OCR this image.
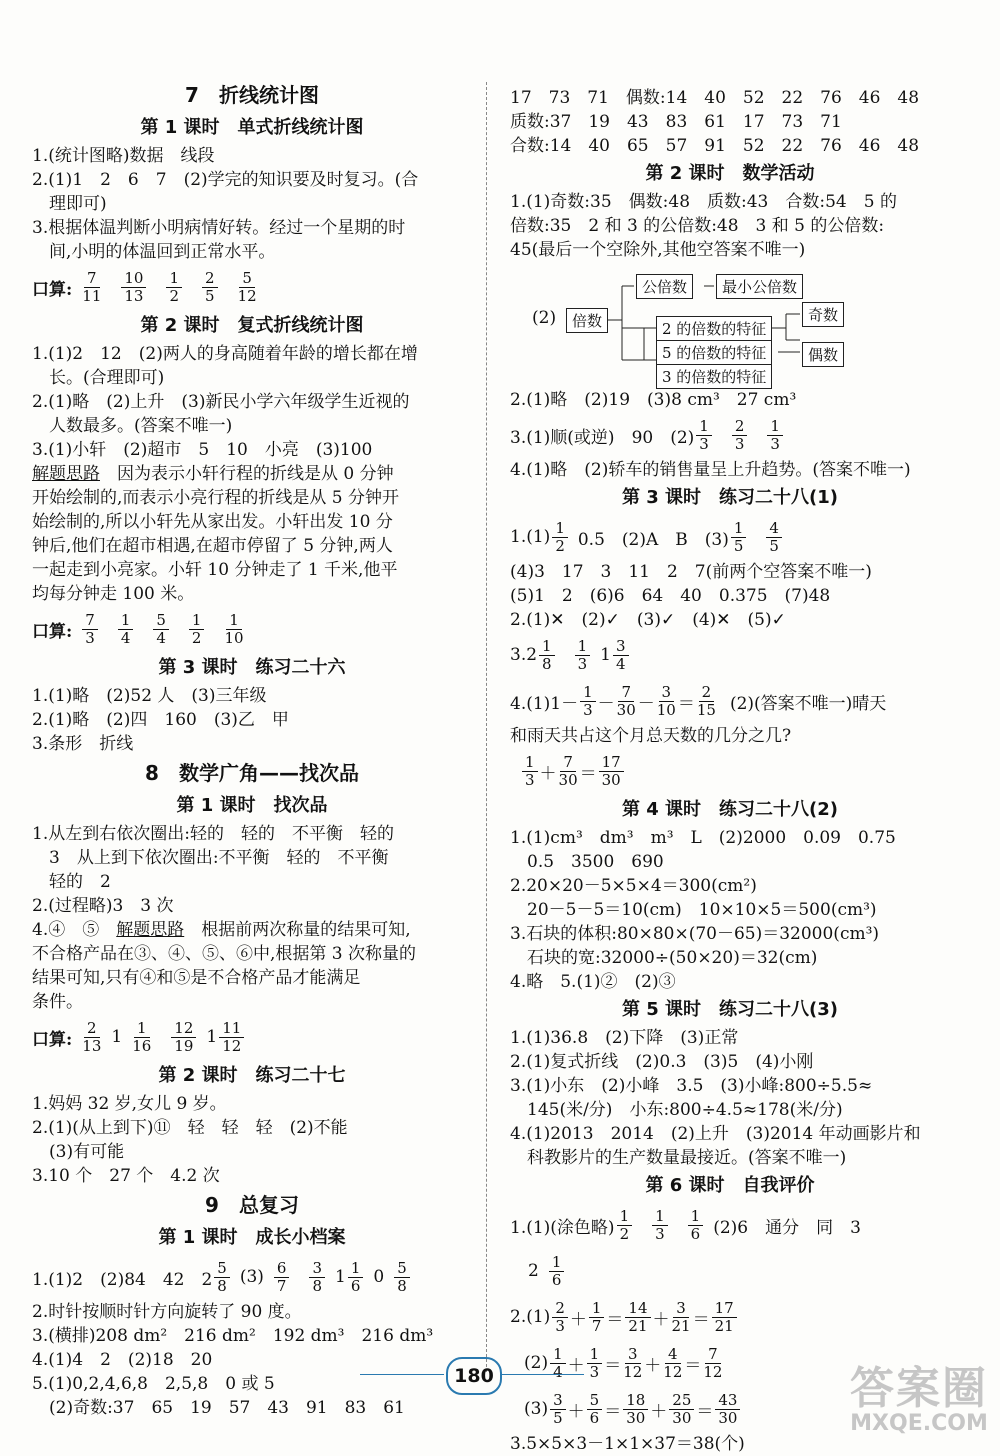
7　折线统计图
第 1 课时　单式折线统计图
1.(统计图略)数据　线段
2.(1)1　2　6　7　(2)学完的知识要及时复习。(合
　理即可)
3.根据体温判断小明病情好转。经过一个星期的时
　间,小明的体温回到正常水平。
口算:
7
11
10
13
1
2
2
5
5
12
第 2 课时　复式折线统计图
1.(1)2　12　(2)两人的身高随着年龄的增长都在增
　长。(合理即可)
2.(1)略　(2)上升　(3)新民小学六年级学生近视的
　人数最多。(答案不唯一)
3.(1)小轩　(2)超市　5　10　小亮　(3)100
解题思路　因为表示小轩行程的折线是从 0 分钟
开始绘制的,而表示小亮行程的折线是从 5 分钟开
始绘制的,所以小轩先从家出发。小轩出发 10 分
钟后,他们在超市相遇,在超市停留了 5 分钟,两人
一起走到小亮家。小轩 10 分钟走了 1 千米,他平
均每分钟走 100 米。
口算:
7
3
1
4
5
4
1
2
1
10
第 3 课时　练习二十六
1.(1)略　(2)52 人　(3)三年级
2.(1)略　(2)四　160　(3)乙　甲
3.条形　折线
8　数学广角——找次品
第 1 课时　找次品
1.从左到右依次圈出:轻的　轻的　不平衡　轻的
　3　从上到下依次圈出:不平衡　轻的　不平衡
　轻的　2
2.(过程略)3　3 次
4.④　⑤　解题思路　根据前两次称量的结果可知,
不合格产品在③、④、⑤、⑥中,根据第 3 次称量的
结果可知,只有④和⑤是不合格产品才能满足
条件。
口算:
2
13 1 1
16
12
19 1 11
12
第 2 课时　练习二十七
1.妈妈 32 岁,女儿 9 岁。
2.(1)(从上到下)⑪　轻　轻　轻　(2)不能
　(3)有可能
3.10 个　27 个　4.2 次
9　总复习
第 1 课时　成长小档案
1.(1)2　(2)84　42　2
5
8 (3) 6
7
3
8 1 1
6 0 5
8
2.时针按顺时针方向旋转了 90 度。
3.(横排)208 dm²　216 dm²　192 dm³　216 dm³
4.(1)4　2　(2)18　20
5.(1)0,2,4,6,8　2,5,8　0 或 5
　(2)奇数:37　65　19　57　43　91　83　61
17　73　71　偶数:14　40　52　22　76　46　48
质数:37　19　43　83　61　17　73　71
合数:14　40　65　57　91　52　22　76　46　48
第 2 课时　数学活动
1.(1)奇数:35　偶数:48　质数:43　合数:54　5 的
倍数:35　2 和 3 的公倍数:48　3 和 5 的公倍数:
45(最后一个空除外,其他空答案不唯一)
(2)	倍数
公倍数	最小公倍数
2 的倍数的特征
5 的倍数的特征
3 的倍数的特征
奇数
偶数
2.(1)略　(2)19　(3)8 cm³　27 cm³
3.(1)顺(或逆)　90　(2)
1
3
2
3
1
3
4.(1)略　(2)轿车的销售量呈上升趋势。(答案不唯一)
第 3 课时　练习二十八(1)
1.(1) 1
2 0.5　(2)A　B　(3)
1
5
4
5
(4)3　17　3　11　2　7(前两个空答案不唯一)
(5)1　2　(6)6　64　40　0.375　(7)48
2.(1)✕　(2)✓　(3)✓　(4)✕　(5)✓
3.2 1
8
1
3 1 3
4
4.(1)1－
1
3 －
7
30 －
3
10 ＝
2
15 (2)(答案不唯一)晴天
和雨天共占这个月总天数的几分之几?
1
3 ＋
7
30 ＝
17
30
第 4 课时　练习二十八(2)
1.(1)cm³　dm³　m³　L　(2)2000　0.09　0.75
　0.5　3500　690
2.20×20－5×5×4＝300(cm²)
　20－5－5＝10(cm)　10×10×5＝500(cm³)
3.石块的体积:80×80×(70－65)＝32000(cm³)
　石块的宽:32000÷(50×20)＝32(cm)
4.略　5.(1)②　(2)③
第 5 课时　练习二十八(3)
1.(1)36.8　(2)下降　(3)正常
2.(1)复式折线　(2)0.3　(3)5　(4)小刚
3.(1)小东　(2)小峰　3.5　(3)小峰:800÷5.5≈
　145(米/分)　小东:800÷4.5≈178(米/分)
4.(1)2013　2014　(2)上升　(3)2014 年动画影片和
　科教影片的生产数量最接近。(答案不唯一)
第 6 课时　自我评价
1.(1)(涂色略)
1
2
1
3
1
6 (2)6　通分　同　3
2 1
6
2.(1) 2
3 ＋
1
7 ＝
14
21 ＋
3
21 ＝
17
21
(2) 1
4 ＋
1
3 ＝
3
12 ＋
4
12 ＝
7
12
(3) 3
5 ＋
5
6 ＝
18
30 ＋
25
30 ＝
43
30
3.5×5×3－1×1×37＝38(个)
180	答案圈
MXQE.COM
